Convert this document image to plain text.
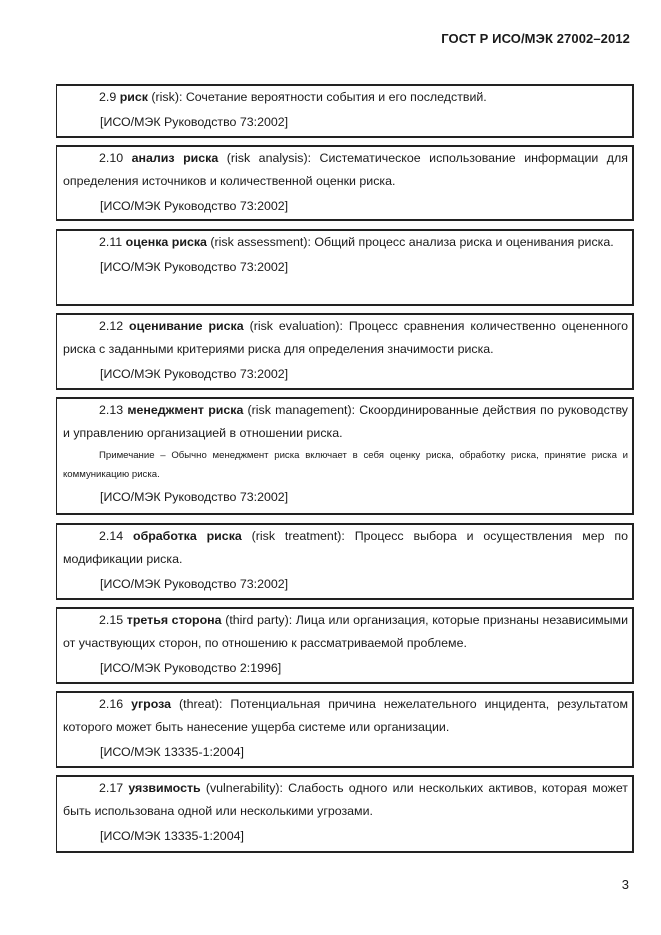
ГОСТ Р ИСО/МЭК 27002–2012

2.9 риск (risk): Сочетание вероятности события и его последствий.

[ИСО/МЭК Руководство 73:2002]

2.10 анализ риска (risk analysis): Систематическое использование информации для определения источников и количественной оценки риска.

[ИСО/МЭК Руководство 73:2002]

2.11 оценка риска (risk assessment): Общий процесс анализа риска и оценивания риска.

[ИСО/МЭК Руководство 73:2002]

2.12 оценивание риска (risk evaluation): Процесс сравнения количественно оцененного риска с заданными критериями риска для определения значимости риска.

[ИСО/МЭК Руководство 73:2002]

2.13 менеджмент риска (risk management): Скоординированные действия по руководству и управлению организацией в отношении риска.

Примечание – Обычно менеджмент риска включает в себя оценку риска, обработку риска, принятие риска и коммуникацию риска.

[ИСО/МЭК Руководство 73:2002]

2.14 обработка риска (risk treatment): Процесс выбора и осуществления мер по модификации риска.

[ИСО/МЭК Руководство 73:2002]

2.15 третья сторона (third party): Лица или организация, которые признаны независимыми от участвующих сторон, по отношению к рассматриваемой проблеме.

[ИСО/МЭК Руководство 2:1996]

2.16 угроза (threat): Потенциальная причина нежелательного инцидента, результатом которого может быть нанесение ущерба системе или организации.

[ИСО/МЭК 13335-1:2004]

2.17 уязвимость (vulnerability): Слабость одного или нескольких активов, которая может быть использована одной или несколькими угрозами.

[ИСО/МЭК 13335-1:2004]
3
